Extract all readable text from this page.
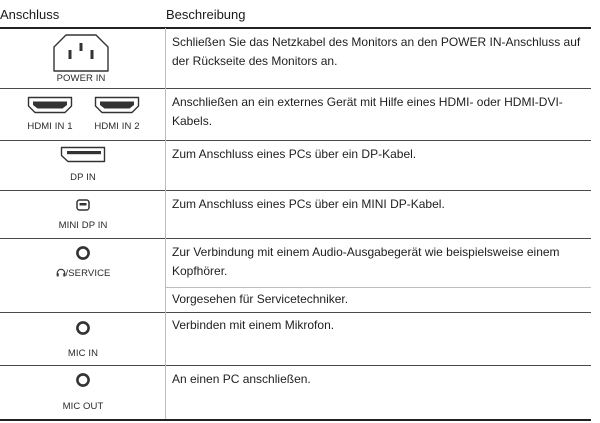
Anschluss	Beschreibung
POWER IN
Schließen Sie das Netzkabel des Monitors an den POWER IN-Anschluss auf der Rückseite des Monitors an.
HDMI IN 1	HDMI IN 2
Anschließen an ein externes Gerät mit Hilfe eines HDMI- oder HDMI-DVI-Kabels.
DP IN
Zum Anschluss eines PCs über ein DP-Kabel.
MINI DP IN
Zum Anschluss eines PCs über ein MINI DP-Kabel.
/SERVICE
Zur Verbindung mit einem Audio-Ausgabegerät wie beispielsweise einem Kopfhörer.
Vorgesehen für Servicetechniker.
MIC IN
Verbinden mit einem Mikrofon.
MIC OUT
An einen PC anschließen.
